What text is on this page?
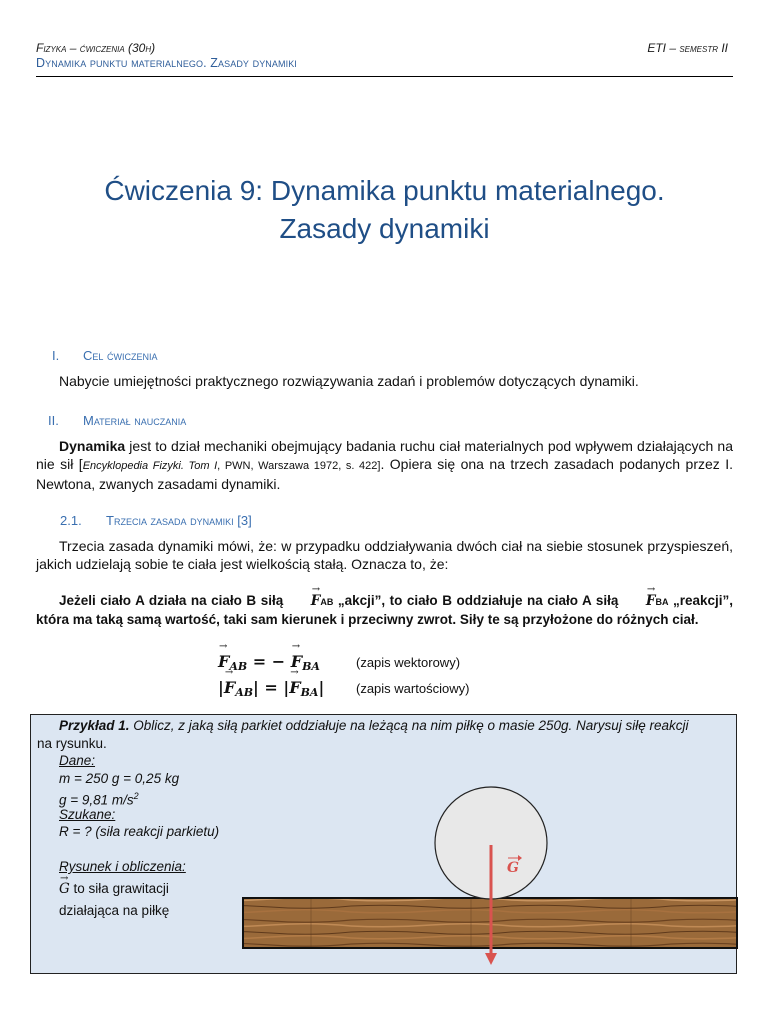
Fizyka – ćwiczenia (30h)
Dynamika punktu materialnego. Zasady dynamiki
ETI – semestr II
Ćwiczenia 9: Dynamika punktu materialnego.
Zasady dynamiki
I. Cel ćwiczenia
Nabycie umiejętności praktycznego rozwiązywania zadań i problemów dotyczących dynamiki.
II. Materiał nauczania
Dynamika jest to dział mechaniki obejmujący badania ruchu ciał materialnych pod wpływem działających na nie sił [Encyklopedia Fizyki. Tom I, PWN, Warszawa 1972, s. 422]. Opiera się ona na trzech zasadach podanych przez I. Newtona, zwanych zasadami dynamiki.
2.1. Trzecia zasada dynamiki [3]
Trzecia zasada dynamiki mówi, że: w przypadku oddziaływania dwóch ciał na siebie stosunek przyspieszeń, jakich udzielają sobie te ciała jest wielkością stałą. Oznacza to, że:
Jeżeli ciało A działa na ciało B siłą → FAB „akcji”, to ciało B oddziałuje na ciało A siłą → FBA „reakcji”, która ma taką samą wartość, taki sam kierunek i przeciwny zwrot. Siły te są przyłożone do różnych ciał.
→ $F_{AB}$ = − → $F_{BA}$	(zapis wektorowy)
|→ $F_{AB}|$ = |→ $F_{BA}|$ (zapis wartościowy)
Przykład 1. Oblicz, z jaką siłą parkiet oddziałuje na leżącą na nim piłkę o masie 250g. Narysuj siłę reakcji
na rysunku.
Dane:
m = 250 g = 0,25 kg
g = 9,81 $m/s^2$
Szukane:
R = ? (siła reakcji parkietu)
Rysunek i obliczenia:
→ G to siła grawitacji
działająca na piłkę
G
